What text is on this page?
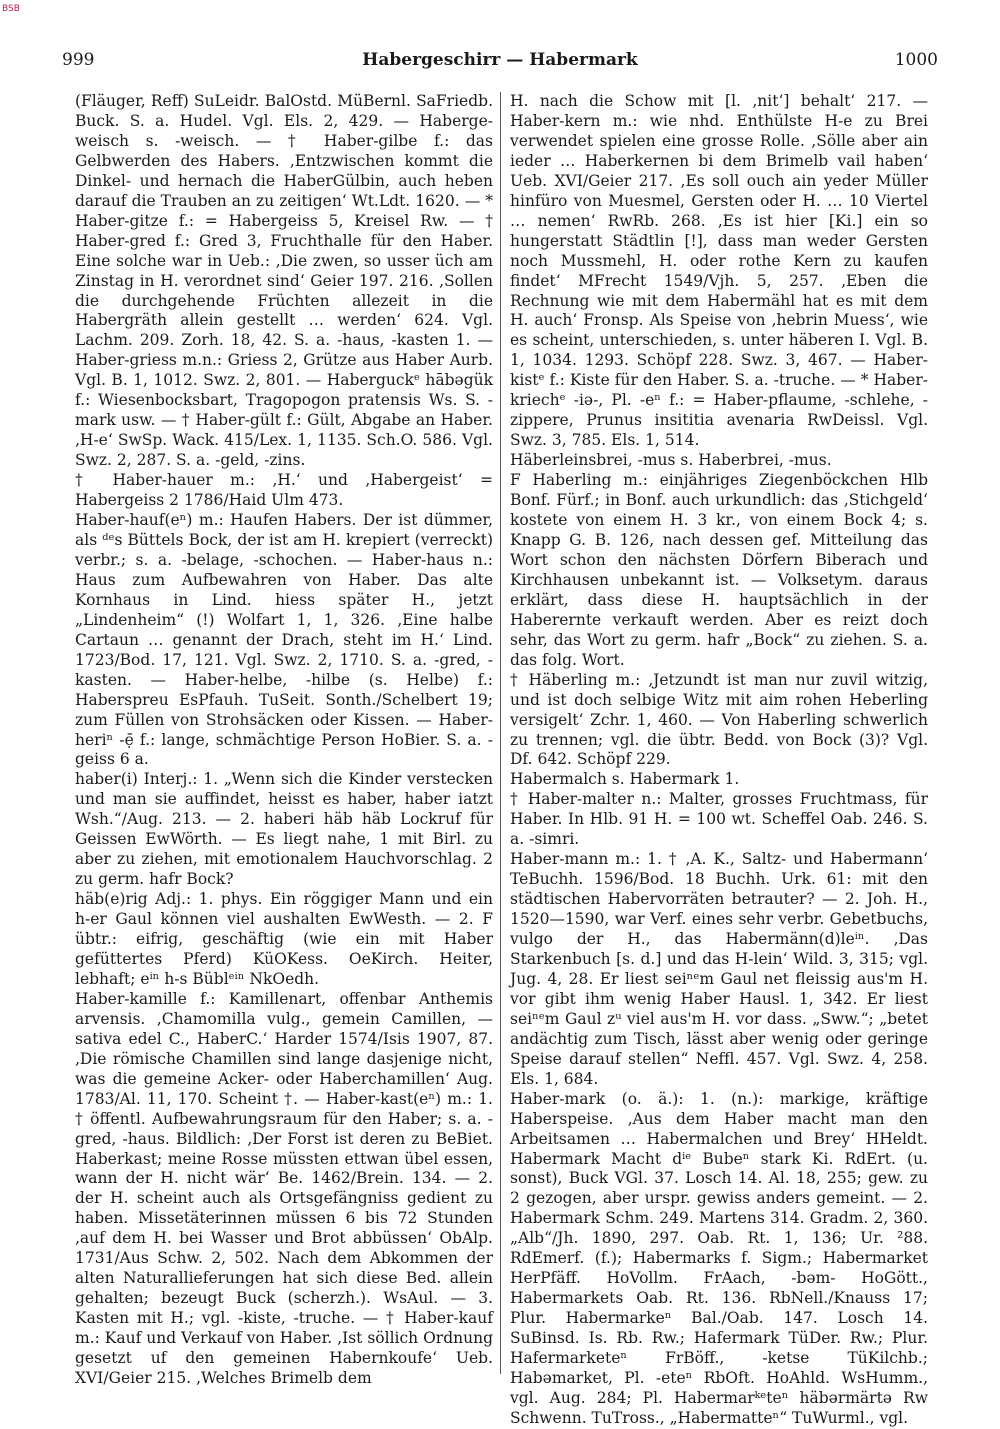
BSB
999	Habergeschirr — Habermark	1000

(Fläuger, Reff) SuLeidr. BalOstd. MüBernl. SaFriedb. Buck. S. a. Hudel. Vgl. Els. 2, 429. — Haberge-weisch s. -weisch. — † Haber-gilbe f.: das Gelbwerden des Habers. ‚Entzwischen kommt die Dinkel- und hernach die HaberGülbin, auch heben darauf die Trauben an zu zeitigen‘ Wt.Ldt. 1620. — * Haber-gitze f.: = Habergeiss 5, Kreisel Rw. — † Haber-gred f.: Gred 3, Fruchthalle für den Haber. Eine solche war in Ueb.: ‚Die zwen, so usser üch am Zinstag in H. verordnet sind‘ Geier 197. 216. ‚Sollen die durchgehende Früchten allezeit in die Habergräth allein gestellt … werden‘ 624. Vgl. Lachm. 209. Zorh. 18, 42. S. a. -haus, -kasten 1. — Haber-griess m.n.: Griess 2, Grütze aus Haber Aurb. Vgl. B. 1, 1012. Swz. 2, 801. — Haberguckᵉ hābəgük f.: Wiesenbocksbart, Tragopogon pratensis Ws. S. -mark usw. — † Haber-gült f.: Gült, Abgabe an Haber. ‚H-e‘ SwSp. Wack. 415/Lex. 1, 1135. Sch.O. 586. Vgl. Swz. 2, 287. S. a. -geld, -zins.

† Haber-hauer m.: ‚H.‘ und ‚Habergeist‘ = Habergeiss 2 1786/Haid Ulm 473.

Haber-hauf(eⁿ) m.: Haufen Habers. Der ist dümmer, als ᵈᵉs Büttels Bock, der ist am H. krepiert (verreckt) verbr.; s. a. -belage, -schochen. — Haber-haus n.: Haus zum Aufbewahren von Haber. Das alte Kornhaus in Lind. hiess später H., jetzt „Lindenheim“ (!) Wolfart 1, 1, 326. ‚Eine halbe Cartaun … genannt der Drach, steht im H.‘ Lind. 1723/Bod. 17, 121. Vgl. Swz. 2, 1710. S. a. -gred, -kasten. — Haber-helbe, -hilbe (s. Helbe) f.: Haberspreu EsPfauh. TuSeit. Sonth./Schelbert 19; zum Füllen von Strohsäcken oder Kissen. — Haber-heriⁿ -ẹ̄ f.: lange, schmächtige Person HoBier. S. a. -geiss 6 a.

haber(i) Interj.: 1. „Wenn sich die Kinder verstecken und man sie auffindet, heisst es haber, haber iatzt Wsh.“/Aug. 213. — 2. haberi häb häb Lockruf für Geissen EwWörth. — Es liegt nahe, 1 mit Birl. zu aber zu ziehen, mit emotionalem Hauchvorschlag. 2 zu germ. hafr Bock?

häb(e)rig Adj.: 1. phys. Ein röggiger Mann und ein h-er Gaul können viel aushalten EwWesth. — 2. F übtr.: eifrig, geschäftig (wie ein mit Haber gefüttertes Pferd) KüOKess. OeKirch. Heiter, lebhaft; eⁱⁿ h-s Büblᵉⁱⁿ NkOedh.

Haber-kamille f.: Kamillenart, offenbar Anthemis arvensis. ‚Chamomilla vulg., gemein Camillen, — sativa edel C., HaberC.‘ Harder 1574/Isis 1907, 87. ‚Die römische Chamillen sind lange dasjenige nicht, was die gemeine Acker- oder Haberchamillen‘ Aug. 1783/Al. 11, 170. Scheint †. — Haber-kast(eⁿ) m.: 1. † öffentl. Aufbewahrungsraum für den Haber; s. a. -gred, -haus. Bildlich: ‚Der Forst ist deren zu BeBiet. Haberkast; meine Rosse müssten ettwan übel essen, wann der H. nicht wär‘ Be. 1462/Brein. 134. — 2. der H. scheint auch als Ortsgefängniss gedient zu haben. Missetäterinnen müssen 6 bis 72 Stunden ‚auf dem H. bei Wasser und Brot abbüssen‘ ObAlp. 1731/Aus Schw. 2, 502. Nach dem Abkommen der alten Naturallieferungen hat sich diese Bed. allein gehalten; bezeugt Buck (scherzh.). WsAul. — 3. Kasten mit H.; vgl. -kiste, -truche. — † Haber-kauf m.: Kauf und Verkauf von Haber. ‚Ist söllich Ordnung gesetzt uf den gemeinen Habernkoufe‘ Ueb. XVI/Geier 215. ‚Welches Brimelb dem

H. nach die Schow mit [l. ‚nit‘] behalt‘ 217. — Haber-kern m.: wie nhd. Enthülste H-e zu Brei verwendet spielen eine grosse Rolle. ‚Sölle aber ain ieder … Haberkernen bi dem Brimelb vail haben‘ Ueb. XVI/Geier 217. ‚Es soll ouch ain yeder Müller hinfüro von Muesmel, Gersten oder H. … 10 Viertel … nemen‘ RwRb. 268. ‚Es ist hier [Ki.] ein so hungerstatt Städtlin [!], dass man weder Gersten noch Mussmehl, H. oder rothe Kern zu kaufen findet‘ MFrecht 1549/Vjh. 5, 257. ‚Eben die Rechnung wie mit dem Habermähl hat es mit dem H. auch‘ Fronsp. Als Speise von ‚hebrin Muess‘, wie es scheint, unterschieden, s. unter häberen I. Vgl. B. 1, 1034. 1293. Schöpf 228. Swz. 3, 467. — Haber-kistᵉ f.: Kiste für den Haber. S. a. -truche. — * Haber-kriechᵉ -iə-, Pl. -eⁿ f.: = Haber-pflaume, -schlehe, -zippere, Prunus insititia avenaria RwDeissl. Vgl. Swz. 3, 785. Els. 1, 514.

Häberleinsbrei, -mus s. Haberbrei, -mus.

F Haberling m.: einjähriges Ziegenböckchen Hlb Bonf. Fürf.; in Bonf. auch urkundlich: das ‚Stichgeld‘ kostete von einem H. 3 kr., von einem Bock 4; s. Knapp G. B. 126, nach dessen gef. Mitteilung das Wort schon den nächsten Dörfern Biberach und Kirchhausen unbekannt ist. — Volksetym. daraus erklärt, dass diese H. hauptsächlich in der Haberernte verkauft werden. Aber es reizt doch sehr, das Wort zu germ. hafr „Bock“ zu ziehen. S. a. das folg. Wort.

† Häberling m.: ‚Jetzundt ist man nur zuvil witzig, und ist doch selbige Witz mit aim rohen Heberling versigelt‘ Zchr. 1, 460. — Von Haberling schwerlich zu trennen; vgl. die übtr. Bedd. von Bock (3)? Vgl. Df. 642. Schöpf 229.

Habermalch s. Habermark 1.

† Haber-malter n.: Malter, grosses Fruchtmass, für Haber. In Hlb. 91 H. = 100 wt. Scheffel Oab. 246. S. a. -simri.

Haber-mann m.: 1. † ‚A. K., Saltz- und Habermann‘ TeBuchh. 1596/Bod. 18 Buchh. Urk. 61: mit den städtischen Habervorräten betrauter? — 2. Joh. H., 1520—1590, war Verf. eines sehr verbr. Gebetbuchs, vulgo der H., das Habermänn(d)leⁱⁿ. ‚Das Starkenbuch [s. d.] und das H-lein‘ Wild. 3, 315; vgl. Jug. 4, 28. Er liest seiⁿᵉm Gaul net fleissig aus'm H. vor gibt ihm wenig Haber Hausl. 1, 342. Er liest seiⁿᵉm Gaul zᵘ viel aus'm H. vor dass. „Sww.“; „betet andächtig zum Tisch, lässt aber wenig oder geringe Speise darauf stellen“ Neffl. 457. Vgl. Swz. 4, 258. Els. 1, 684.

Haber-mark (o. ä.): 1. (n.): markige, kräftige Haberspeise. ‚Aus dem Haber macht man den Arbeitsamen … Habermalchen und Brey‘ HHeldt. Habermark Macht dⁱᵉ Bubeⁿ stark Ki. RdErt. (u. sonst), Buck VGl. 37. Losch 14. Al. 18, 255; gew. zu 2 gezogen, aber urspr. gewiss anders gemeint. — 2. Habermark Schm. 249. Martens 314. Gradm. 2, 360. „Alb“/Jh. 1890, 297. Oab. Rt. 1, 136; Ur. ²88. RdEmerf. (f.); Habermarks f. Sigm.; Habermarket HerPfäff. HoVollm. FrAach, -bəm- HoGött., Habermarkets Oab. Rt. 136. RbNell./Knauss 17; Plur. Habermarkeⁿ Bal./Oab. 147. Losch 14. SuBinsd. Is. Rb. Rw.; Hafermark TüDer. Rw.; Plur. Hafermarketeⁿ FrBöff., -ketse TüKilchb.; Habəmarket, Pl. -eteⁿ RbOft. HoAhld. WsHumm., vgl. Aug. 284; Pl. Habermarᵏᵉteⁿ häbərmärtə Rw Schwenn. TuTross., „Habermatteⁿ“ TuWurml., vgl.
